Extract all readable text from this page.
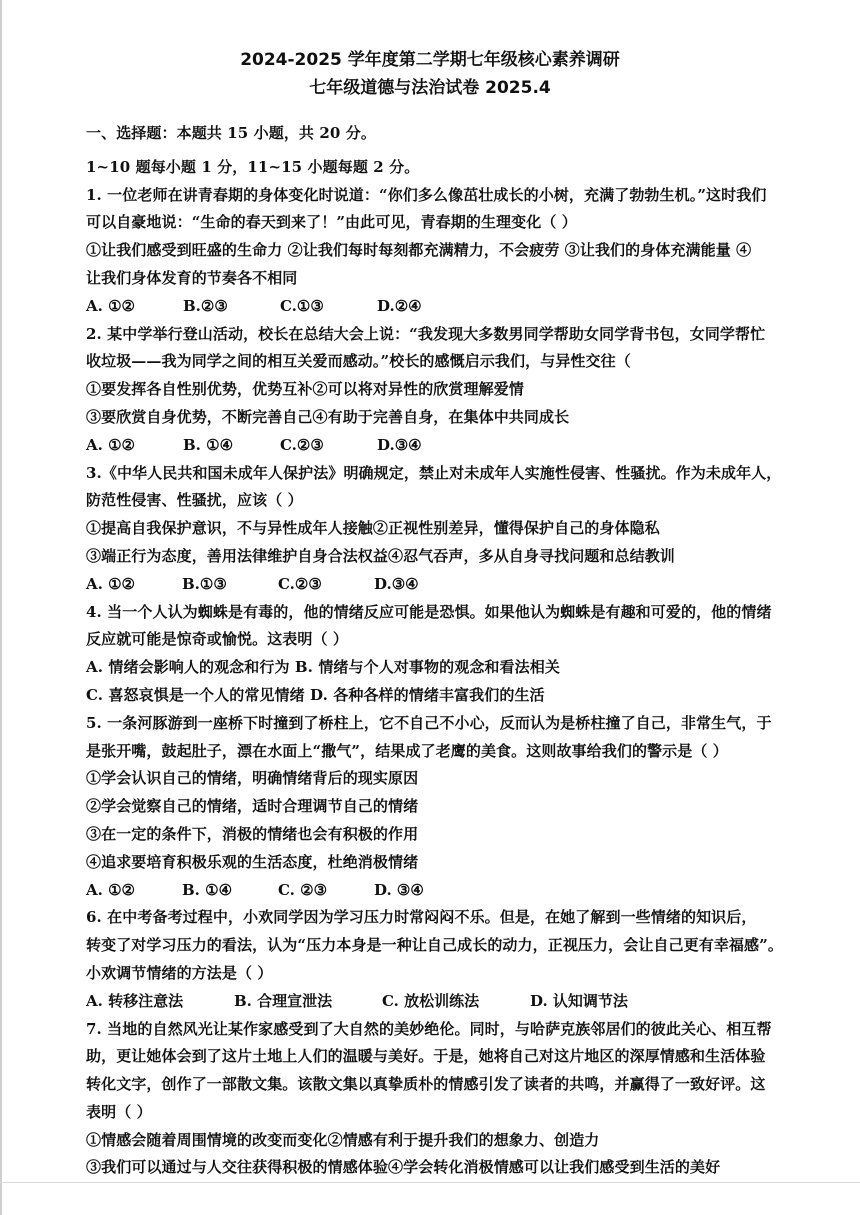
2024-2025 学年度第二学期七年级核心素养调研
七年级道德与法治试卷 2025.4
一、选择题：本题共 15 小题，共 20 分。
1~10 题每小题 1 分，11~15 小题每题 2 分。
1. 一位老师在讲青春期的身体变化时说道：“你们多么像茁壮成长的小树，充满了勃勃生机。”这时我们
可以自豪地说：“生命的春天到来了！”由此可见，青春期的生理变化（ ）
①让我们感受到旺盛的生命力 ②让我们每时每刻都充满精力，不会疲劳 ③让我们的身体充满能量 ④
让我们身体发育的节奏各不相同
A. ①②	B.②③	C.①③	D.②④
2. 某中学举行登山活动，校长在总结大会上说：“我发现大多数男同学帮助女同学背书包，女同学帮忙
收垃圾——我为同学之间的相互关爱而感动。”校长的感慨启示我们，与异性交往（
①要发挥各自性别优势，优势互补②可以将对异性的欣赏理解爱情
③要欣赏自身优势，不断完善自己④有助于完善自身，在集体中共同成长
A. ①②	B. ①④	C.②③	D.③④
3.《中华人民共和国未成年人保护法》明确规定，禁止对未成年人实施性侵害、性骚扰。作为未成年人，
防范性侵害、性骚扰，应该（ ）
①提高自我保护意识，不与异性成年人接触②正视性别差异，懂得保护自己的身体隐私
③端正行为态度，善用法律维护自身合法权益④忍气吞声，多从自身寻找问题和总结教训
A. ①②	B.①③	C.②③	D.③④
4. 当一个人认为蜘蛛是有毒的，他的情绪反应可能是恐惧。如果他认为蜘蛛是有趣和可爱的，他的情绪
反应就可能是惊奇或愉悦。这表明（ ）
A. 情绪会影响人的观念和行为 B. 情绪与个人对事物的观念和看法相关
C. 喜怒哀惧是一个人的常见情绪 D. 各种各样的情绪丰富我们的生活
5. 一条河豚游到一座桥下时撞到了桥柱上，它不自己不小心，反而认为是桥柱撞了自己，非常生气，于
是张开嘴，鼓起肚子，漂在水面上“撒气”，结果成了老鹰的美食。这则故事给我们的警示是（ ）
①学会认识自己的情绪，明确情绪背后的现实原因
②学会觉察自己的情绪，适时合理调节自己的情绪
③在一定的条件下，消极的情绪也会有积极的作用
④追求要培育积极乐观的生活态度，杜绝消极情绪
A. ①②	B. ①④	C. ②③	D. ③④
6. 在中考备考过程中，小欢同学因为学习压力时常闷闷不乐。但是，在她了解到一些情绪的知识后，
转变了对学习压力的看法，认为“压力本身是一种让自己成长的动力，正视压力，会让自己更有幸福感”。
小欢调节情绪的方法是（ ）
A. 转移注意法	B. 合理宣泄法	C. 放松训练法	D. 认知调节法
7. 当地的自然风光让某作家感受到了大自然的美妙绝伦。同时，与哈萨克族邻居们的彼此关心、相互帮
助，更让她体会到了这片土地上人们的温暖与美好。于是，她将自己对这片地区的深厚情感和生活体验
转化文字，创作了一部散文集。该散文集以真挚质朴的情感引发了读者的共鸣，并赢得了一致好评。这
表明（ ）
①情感会随着周围情境的改变而变化②情感有利于提升我们的想象力、创造力
③我们可以通过与人交往获得积极的情感体验④学会转化消极情感可以让我们感受到生活的美好
